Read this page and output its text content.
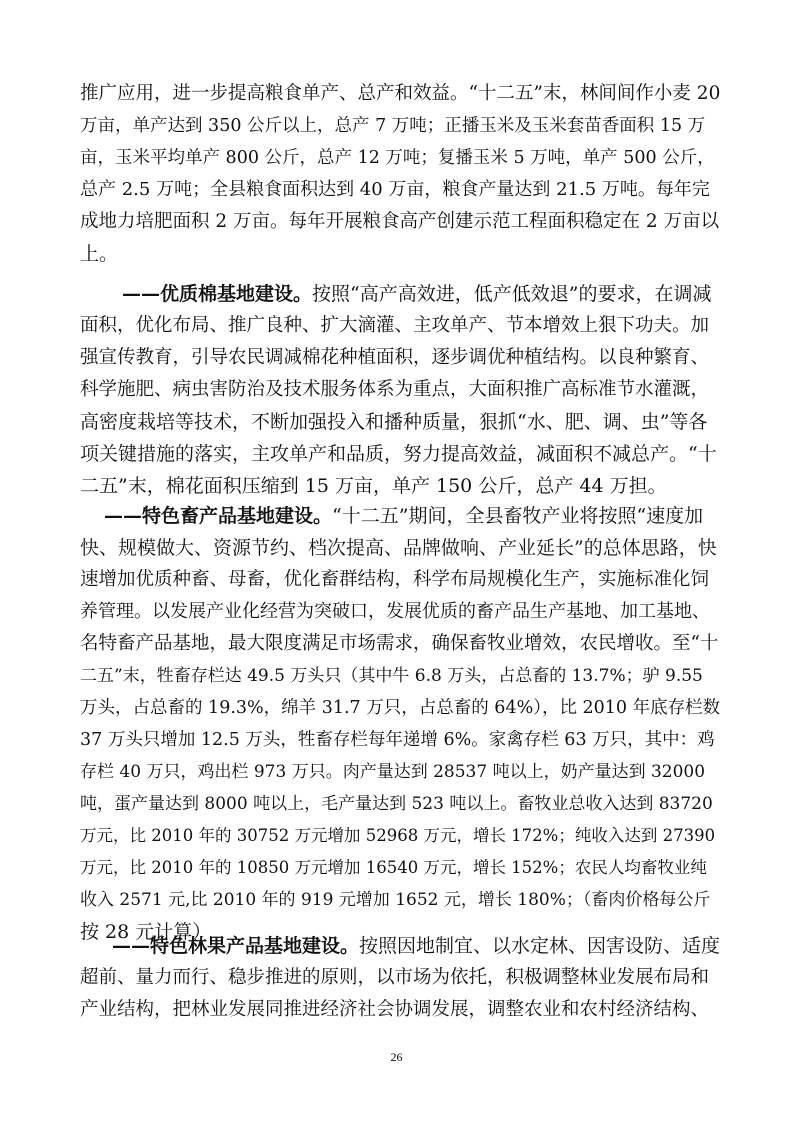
推广应用，进一步提高粮食单产、总产和效益。“十二五”末，林间间作小麦 20
万亩，单产达到 350 公斤以上，总产 7 万吨；正播玉米及玉米套苗香面积 15 万
亩，玉米平均单产 800 公斤，总产 12 万吨；复播玉米 5 万吨，单产 500 公斤，
总产 2.5 万吨；全县粮食面积达到 40 万亩，粮食产量达到 21.5 万吨。每年完
成地力培肥面积 2 万亩。每年开展粮食高产创建示范工程面积稳定在 2 万亩以
上。
——优质棉基地建设。按照“高产高效进，低产低效退”的要求，在调减
面积，优化布局、推广良种、扩大滴灌、主攻单产、节本增效上狠下功夫。加
强宣传教育，引导农民调减棉花种植面积，逐步调优种植结构。以良种繁育、
科学施肥、病虫害防治及技术服务体系为重点，大面积推广高标准节水灌溉，
高密度栽培等技术，不断加强投入和播种质量，狠抓“水、肥、调、虫”等各
项关键措施的落实，主攻单产和品质，努力提高效益，减面积不减总产。“十
二五”末，棉花面积压缩到 15 万亩，单产 150 公斤，总产 44 万担。
——特色畜产品基地建设。“十二五”期间，全县畜牧产业将按照“速度加
快、规模做大、资源节约、档次提高、品牌做响、产业延长”的总体思路，快
速增加优质种畜、母畜，优化畜群结构，科学布局规模化生产，实施标准化饲
养管理。以发展产业化经营为突破口，发展优质的畜产品生产基地、加工基地、
名特畜产品基地，最大限度满足市场需求，确保畜牧业增效，农民增收。至“十
二五”末，牲畜存栏达 49.5 万头只（其中牛 6.8 万头，占总畜的 13.7%；驴 9.55
万头，占总畜的 19.3%，绵羊 31.7 万只，占总畜的 64%），比 2010 年底存栏数
37 万头只增加 12.5 万头，牲畜存栏每年递增 6%。家禽存栏 63 万只，其中：鸡
存栏 40 万只，鸡出栏 973 万只。肉产量达到 28537 吨以上，奶产量达到 32000
吨，蛋产量达到 8000 吨以上，毛产量达到 523 吨以上。畜牧业总收入达到 83720
万元，比 2010 年的 30752 万元增加 52968 万元，增长 172%；纯收入达到 27390
万元，比 2010 年的 10850 万元增加 16540 万元，增长 152%；农民人均畜牧业纯
收入 2571 元,比 2010 年的 919 元增加 1652 元，增长 180%；（畜肉价格每公斤
按 28 元计算）
——特色林果产品基地建设。按照因地制宜、以水定林、因害设防、适度
超前、量力而行、稳步推进的原则，以市场为依托，积极调整林业发展布局和
产业结构，把林业发展同推进经济社会协调发展，调整农业和农村经济结构、
26
